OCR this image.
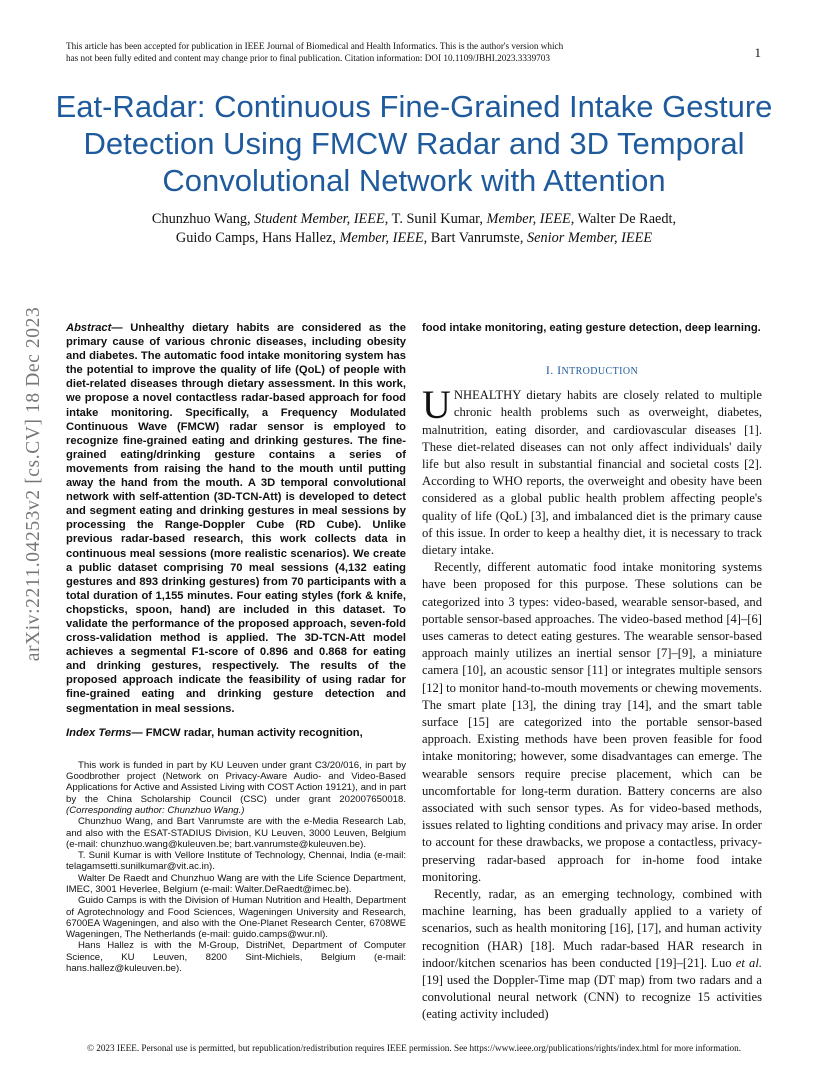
This article has been accepted for publication in IEEE Journal of Biomedical and Health Informatics. This is the author's version which
has not been fully edited and content may change prior to final publication. Citation information: DOI 10.1109/JBHI.2023.3339703	1
Eat-Radar: Continuous Fine-Grained Intake Gesture Detection Using FMCW Radar and 3D Temporal Convolutional Network with Attention
Chunzhuo Wang, Student Member, IEEE, T. Sunil Kumar, Member, IEEE, Walter De Raedt,
Guido Camps, Hans Hallez, Member, IEEE, Bart Vanrumste, Senior Member, IEEE
arXiv:2211.04253v2 [cs.CV] 18 Dec 2023 Abstract— Unhealthy dietary habits are considered as the primary cause of various chronic diseases, including obesity and diabetes. The automatic food intake monitoring system has the potential to improve the quality of life (QoL) of people with diet-related diseases through dietary assessment. In this work, we propose a novel contactless radar-based approach for food intake monitoring. Specifically, a Frequency Modulated Continuous Wave (FMCW) radar sensor is employed to recognize fine-grained eating and drinking gestures. The fine-grained eating/drinking gesture contains a series of movements from raising the hand to the mouth until putting away the hand from the mouth. A 3D temporal convolutional network with self-attention (3D-TCN-Att) is developed to detect and segment eating and drinking gestures in meal sessions by processing the Range-Doppler Cube (RD Cube). Unlike previous radar-based research, this work collects data in continuous meal sessions (more realistic scenarios). We create a public dataset comprising 70 meal sessions (4,132 eating gestures and 893 drinking gestures) from 70 participants with a total duration of 1,155 minutes. Four eating styles (fork & knife, chopsticks, spoon, hand) are included in this dataset. To validate the performance of the proposed approach, seven-fold cross-validation method is applied. The 3D-TCN-Att model achieves a segmental F1-score of 0.896 and 0.868 for eating and drinking gestures, respectively. The results of the proposed approach indicate the feasibility of using radar for fine-grained eating and drinking gesture detection and segmentation in meal sessions.

Index Terms— FMCW radar, human activity recognition,

This work is funded in part by KU Leuven under grant C3/20/016, in part by Goodbrother project (Network on Privacy-Aware Audio- and Video-Based Applications for Active and Assisted Living with COST Action 19121), and in part by the China Scholarship Council (CSC) under grant 202007650018. (Corresponding author: Chunzhuo Wang.)

Chunzhuo Wang, and Bart Vanrumste are with the e-Media Research Lab, and also with the ESAT-STADIUS Division, KU Leuven, 3000 Leuven, Belgium (e-mail: chunzhuo.wang@kuleuven.be; bart.vanrumste@kuleuven.be).

T. Sunil Kumar is with Vellore Institute of Technology, Chennai, India (e-mail: telagamsetti.sunilkumar@vit.ac.in).

Walter De Raedt and Chunzhuo Wang are with the Life Science Department, IMEC, 3001 Heverlee, Belgium (e-mail: Walter.DeRaedt@imec.be).

Guido Camps is with the Division of Human Nutrition and Health, Department of Agrotechnology and Food Sciences, Wageningen University and Research, 6700EA Wageningen, and also with the One-Planet Research Center, 6708WE Wageningen, The Netherlands (e-mail: guido.camps@wur.nl).

Hans Hallez is with the M-Group, DistriNet, Department of Computer Science, KU Leuven, 8200 Sint-Michiels, Belgium (e-mail: hans.hallez@kuleuven.be).

food intake monitoring, eating gesture detection, deep learning.

I. INTRODUCTION

UNHEALTHY dietary habits are closely related to multiple chronic health problems such as overweight, diabetes, malnutrition, eating disorder, and cardiovascular diseases [1]. These diet-related diseases can not only affect individuals' daily life but also result in substantial financial and societal costs [2]. According to WHO reports, the overweight and obesity have been considered as a global public health problem affecting people's quality of life (QoL) [3], and imbalanced diet is the primary cause of this issue. In order to keep a healthy diet, it is necessary to track dietary intake.

Recently, different automatic food intake monitoring systems have been proposed for this purpose. These solutions can be categorized into 3 types: video-based, wearable sensor-based, and portable sensor-based approaches. The video-based method [4]–[6] uses cameras to detect eating gestures. The wearable sensor-based approach mainly utilizes an inertial sensor [7]–[9], a miniature camera [10], an acoustic sensor [11] or integrates multiple sensors [12] to monitor hand-to-mouth movements or chewing movements. The smart plate [13], the dining tray [14], and the smart table surface [15] are categorized into the portable sensor-based approach. Existing methods have been proven feasible for food intake monitoring; however, some disadvantages can emerge. The wearable sensors require precise placement, which can be uncomfortable for long-term duration. Battery concerns are also associated with such sensor types. As for video-based methods, issues related to lighting conditions and privacy may arise. In order to account for these drawbacks, we propose a contactless, privacy-preserving radar-based approach for in-home food intake monitoring.

Recently, radar, as an emerging technology, combined with machine learning, has been gradually applied to a variety of scenarios, such as health monitoring [16], [17], and human activity recognition (HAR) [18]. Much radar-based HAR research in indoor/kitchen scenarios has been conducted [19]–[21]. Luo et al. [19] used the Doppler-Time map (DT map) from two radars and a convolutional neural network (CNN) to recognize 15 activities (eating activity included)

© 2023 IEEE. Personal use is permitted, but republication/redistribution requires IEEE permission. See https://www.ieee.org/publications/rights/index.html for more information.
